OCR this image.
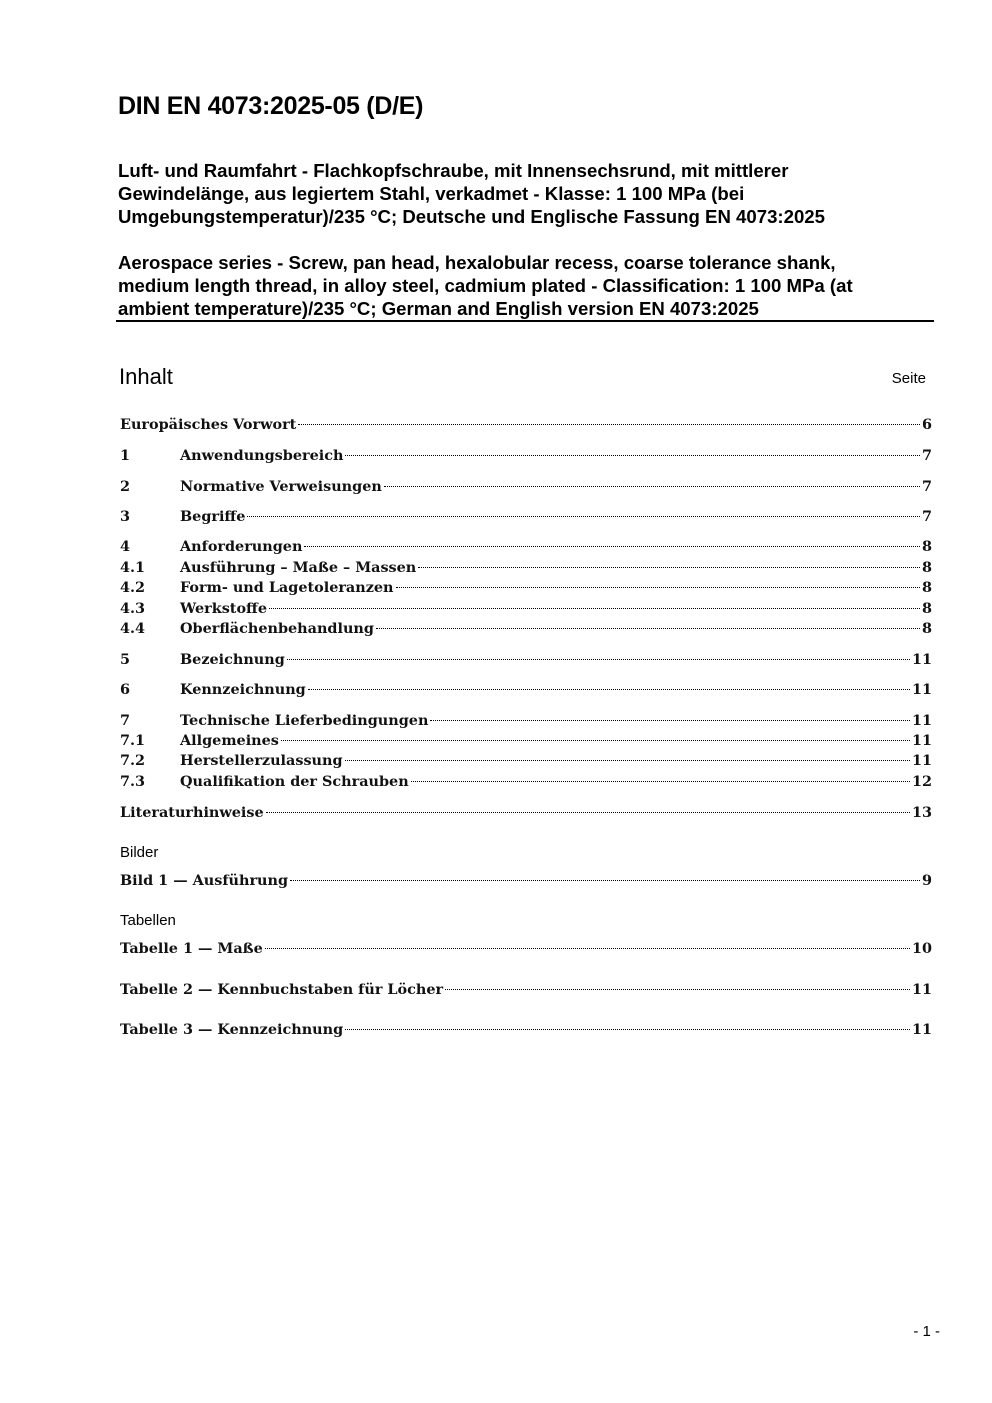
DIN EN 4073:2025-05 (D/E)
Luft- und Raumfahrt - Flachkopfschraube, mit Innensechsrund, mit mittlerer
Gewindelänge, aus legiertem Stahl, verkadmet - Klasse: 1 100 MPa (bei
Umgebungstemperatur)/235 °C; Deutsche und Englische Fassung EN 4073:2025
Aerospace series - Screw, pan head, hexalobular recess, coarse tolerance shank,
medium length thread, in alloy steel, cadmium plated - Classification: 1 100 MPa (at
ambient temperature)/235 °C; German and English version EN 4073:2025
Inhalt	Seite
Europäisches Vorwort	6
1	Anwendungsbereich	7
2	Normative Verweisungen	7
3	Begriffe	7
4	Anforderungen	8
4.1	Ausführung – Maße – Massen	8
4.2	Form- und Lagetoleranzen	8
4.3	Werkstoffe	8
4.4	Oberflächenbehandlung	8
5	Bezeichnung	11
6	Kennzeichnung	11
7	Technische Lieferbedingungen	11
7.1	Allgemeines	11
7.2	Herstellerzulassung	11
7.3	Qualifikation der Schrauben	12
Literaturhinweise	13
Bilder
Bild 1 — Ausführung	9
Tabellen
Tabelle 1 — Maße	10
Tabelle 2 — Kennbuchstaben für Löcher	11
Tabelle 3 — Kennzeichnung	11
- 1 -
